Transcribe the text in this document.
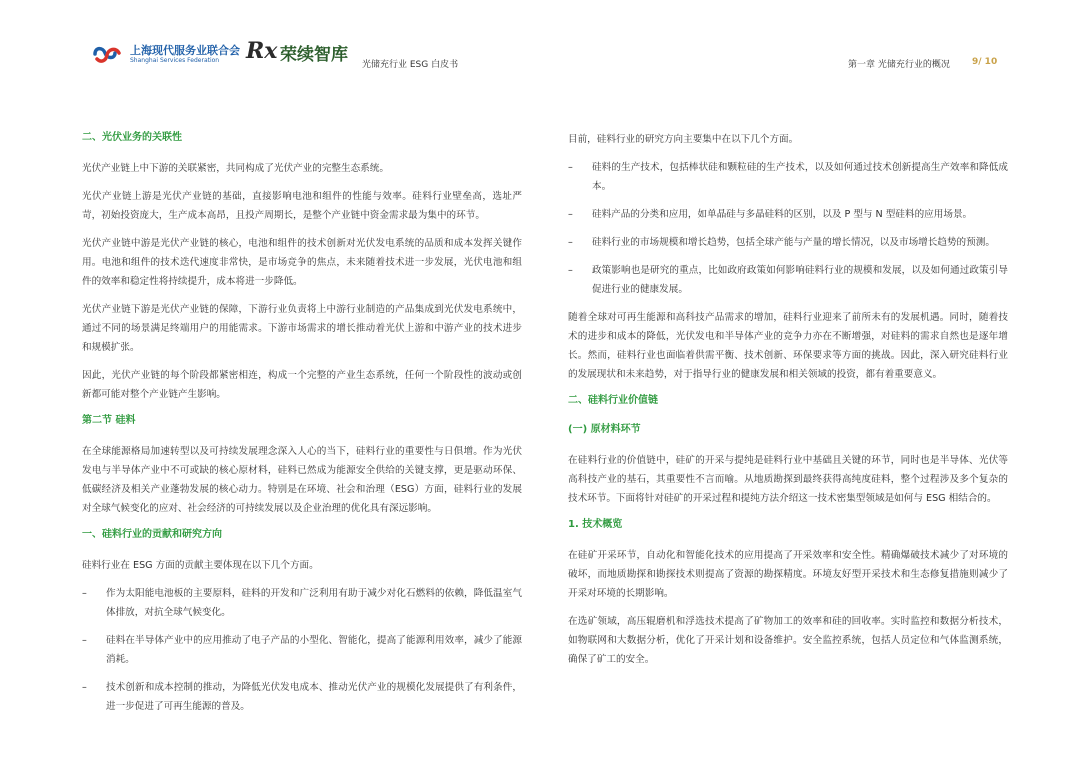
上海现代服务业联合会
Shanghai Services Federation Rx 荣续智库 光储充行业 ESG 白皮书	第一章 光储充行业的概况 9/ 10
二、光伏业务的关联性
光伏产业链上中下游的关联紧密，共同构成了光伏产业的完整生态系统。
光伏产业链上游是光伏产业链的基础，直接影响电池和组件的性能与效率。硅料行业壁垒高，选址严苛，初始投资庞大，生产成本高昂，且投产周期长，是整个产业链中资金需求最为集中的环节。
光伏产业链中游是光伏产业链的核心，电池和组件的技术创新对光伏发电系统的品质和成本发挥关键作用。电池和组件的技术迭代速度非常快，是市场竞争的焦点，未来随着技术进一步发展，光伏电池和组件的效率和稳定性将持续提升，成本将进一步降低。
光伏产业链下游是光伏产业链的保障，下游行业负责将上中游行业制造的产品集成到光伏发电系统中，通过不同的场景满足终端用户的用能需求。下游市场需求的增长推动着光伏上游和中游产业的技术进步和规模扩张。
因此，光伏产业链的每个阶段都紧密相连，构成一个完整的产业生态系统，任何一个阶段性的波动或创新都可能对整个产业链产生影响。
第二节 硅料
在全球能源格局加速转型以及可持续发展理念深入人心的当下，硅料行业的重要性与日俱增。作为光伏发电与半导体产业中不可或缺的核心原材料，硅料已然成为能源安全供给的关键支撑，更是驱动环保、低碳经济及相关产业蓬勃发展的核心动力。特别是在环境、社会和治理（ESG）方面，硅料行业的发展对全球气候变化的应对、社会经济的可持续发展以及企业治理的优化具有深远影响。
一、硅料行业的贡献和研究方向
硅料行业在 ESG 方面的贡献主要体现在以下几个方面。
– 作为太阳能电池板的主要原料，硅料的开发和广泛利用有助于减少对化石燃料的依赖，降低温室气体排放，对抗全球气候变化。
– 硅料在半导体产业中的应用推动了电子产品的小型化、智能化，提高了能源利用效率，减少了能源消耗。
– 技术创新和成本控制的推动，为降低光伏发电成本、推动光伏产业的规模化发展提供了有利条件，进一步促进了可再生能源的普及。
目前，硅料行业的研究方向主要集中在以下几个方面。
– 硅料的生产技术，包括棒状硅和颗粒硅的生产技术，以及如何通过技术创新提高生产效率和降低成本。
– 硅料产品的分类和应用，如单晶硅与多晶硅料的区别，以及 P 型与 N 型硅料的应用场景。
– 硅料行业的市场规模和增长趋势，包括全球产能与产量的增长情况，以及市场增长趋势的预测。
– 政策影响也是研究的重点，比如政府政策如何影响硅料行业的规模和发展，以及如何通过政策引导促进行业的健康发展。
随着全球对可再生能源和高科技产品需求的增加，硅料行业迎来了前所未有的发展机遇。同时，随着技术的进步和成本的降低，光伏发电和半导体产业的竞争力亦在不断增强，对硅料的需求自然也是逐年增长。然而，硅料行业也面临着供需平衡、技术创新、环保要求等方面的挑战。因此，深入研究硅料行业的发展现状和未来趋势，对于指导行业的健康发展和相关领域的投资，都有着重要意义。
二、硅料行业价值链
(一) 原材料环节
在硅料行业的价值链中，硅矿的开采与提纯是硅料行业中基础且关键的环节，同时也是半导体、光伏等高科技产业的基石，其重要性不言而喻。从地质勘探到最终获得高纯度硅料，整个过程涉及多个复杂的技术环节。下面将针对硅矿的开采过程和提纯方法介绍这一技术密集型领域是如何与 ESG 相结合的。
1. 技术概览
在硅矿开采环节，自动化和智能化技术的应用提高了开采效率和安全性。精确爆破技术减少了对环境的破坏，而地质勘探和勘探技术则提高了资源的勘探精度。环境友好型开采技术和生态修复措施则减少了开采对环境的长期影响。
在选矿领域，高压辊磨机和浮选技术提高了矿物加工的效率和硅的回收率。实时监控和数据分析技术，如物联网和大数据分析，优化了开采计划和设备维护。安全监控系统，包括人员定位和气体监测系统，确保了矿工的安全。
